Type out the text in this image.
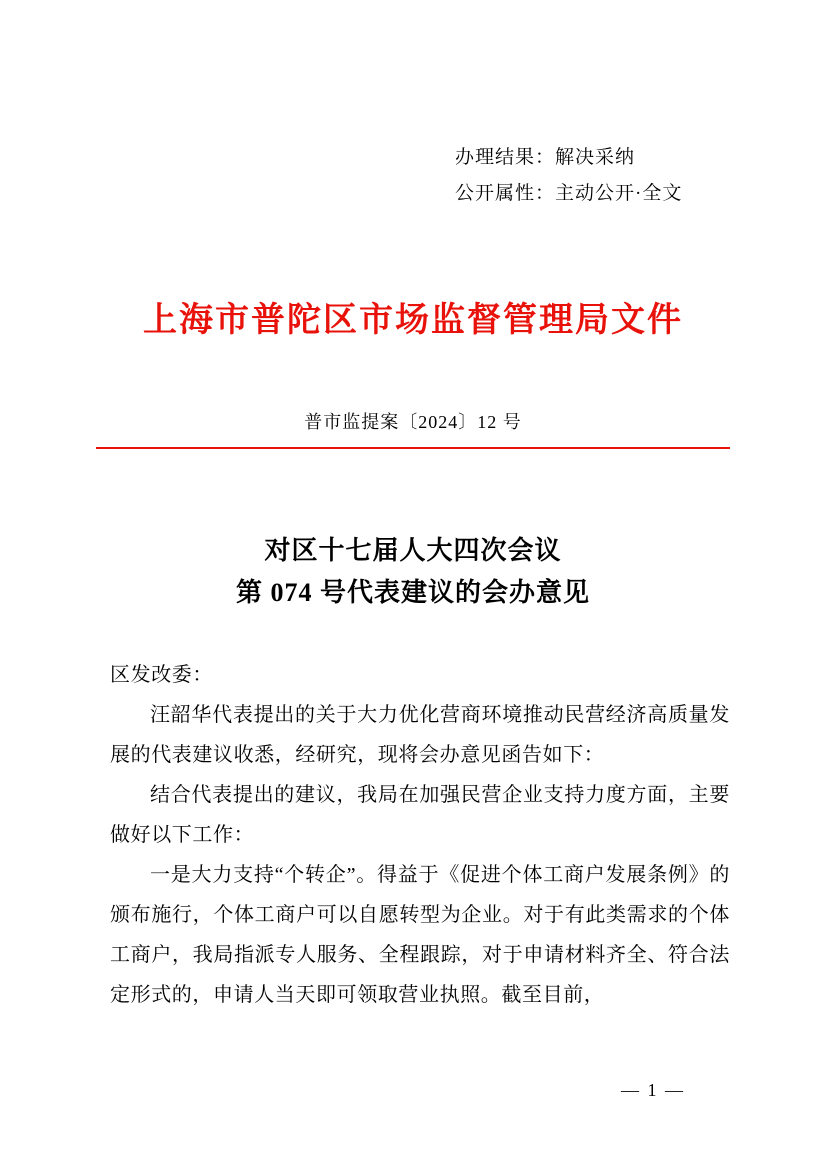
办理结果：解决采纳
公开属性：主动公开·全文
上海市普陀区市场监督管理局文件
普市监提案〔2024〕12 号
对区十七届人大四次会议
第 074 号代表建议的会办意见

区发改委：

汪韶华代表提出的关于大力优化营商环境推动民营经济高质量发展的代表建议收悉，经研究，现将会办意见函告如下：

结合代表提出的建议，我局在加强民营企业支持力度方面，主要做好以下工作：

一是大力支持“个转企”。得益于《促进个体工商户发展条例》的颁布施行，个体工商户可以自愿转型为企业。对于有此类需求的个体工商户，我局指派专人服务、全程跟踪，对于申请材料齐全、符合法定形式的，申请人当天即可领取营业执照。截至目前，

— 1 —
